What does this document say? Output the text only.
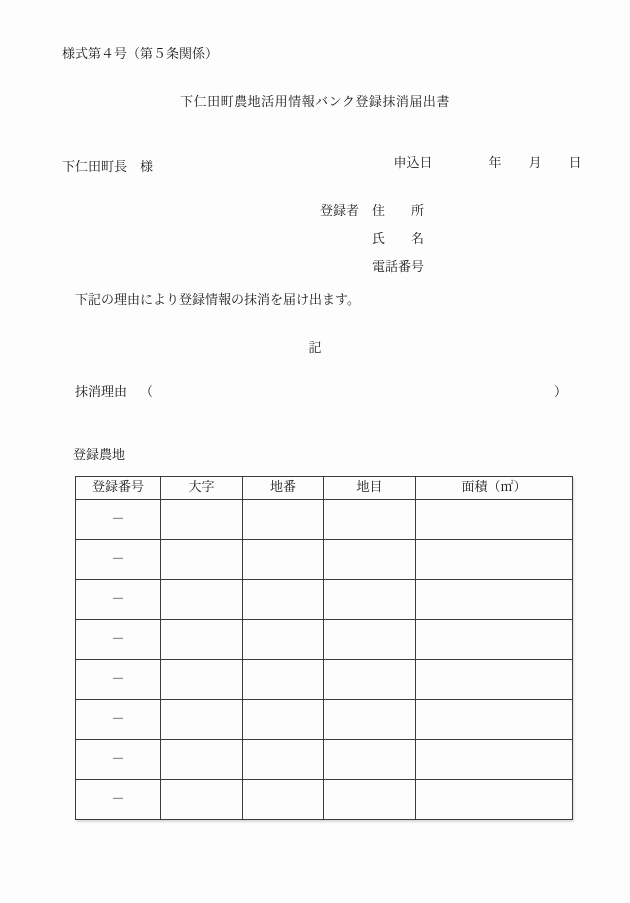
様式第４号（第５条関係）
下仁田町農地活用情報バンク登録抹消届出書

申込日	年 月 日

下仁田町長　様
登録者 住　　所
氏　　名
電話番号
下記の理由により登録情報の抹消を届け出ます。
記
抹消理由 （	）
登録農地
登録番号	大字	地番	地目	面積（㎡）
－				
－				
－				
－				
－				
－				
－				
－				
